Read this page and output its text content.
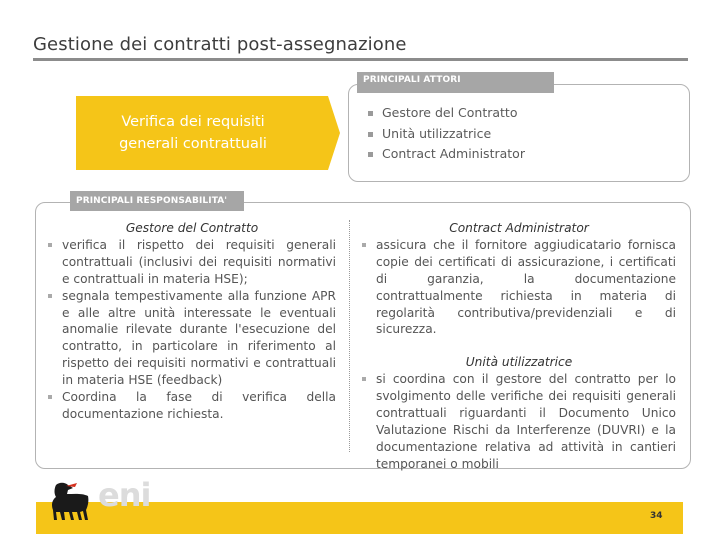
Gestione dei contratti post-assegnazione
Verifica dei requisiti
generali contrattuali
PRINCIPALI ATTORI
Gestore del Contratto
Unità utilizzatrice
Contract Administrator
PRINCIPALI RESPONSABILITA'
Gestore del Contratto
verifica il rispetto dei requisiti generali contrattuali (inclusivi dei requisiti normativi e contrattuali in materia HSE);
segnala tempestivamente alla funzione APR e alle altre unità interessate le eventuali anomalie rilevate durante l'esecuzione del contratto, in particolare in riferimento al rispetto dei requisiti normativi e contrattuali in materia HSE (feedback)
Coordina la fase di verifica della documentazione richiesta.
Contract Administrator
assicura che il fornitore aggiudicatario fornisca copie dei certificati di assicurazione, i certificati di garanzia, la documentazione contrattualmente richiesta in materia di regolarità contributiva/previdenziali e di sicurezza.
Unità utilizzatrice
si coordina con il gestore del contratto per lo svolgimento delle verifiche dei requisiti generali contrattuali riguardanti il Documento Unico Valutazione Rischi da Interferenze (DUVRI) e la documentazione relativa ad attività in cantieri temporanei o mobili
eni
34
